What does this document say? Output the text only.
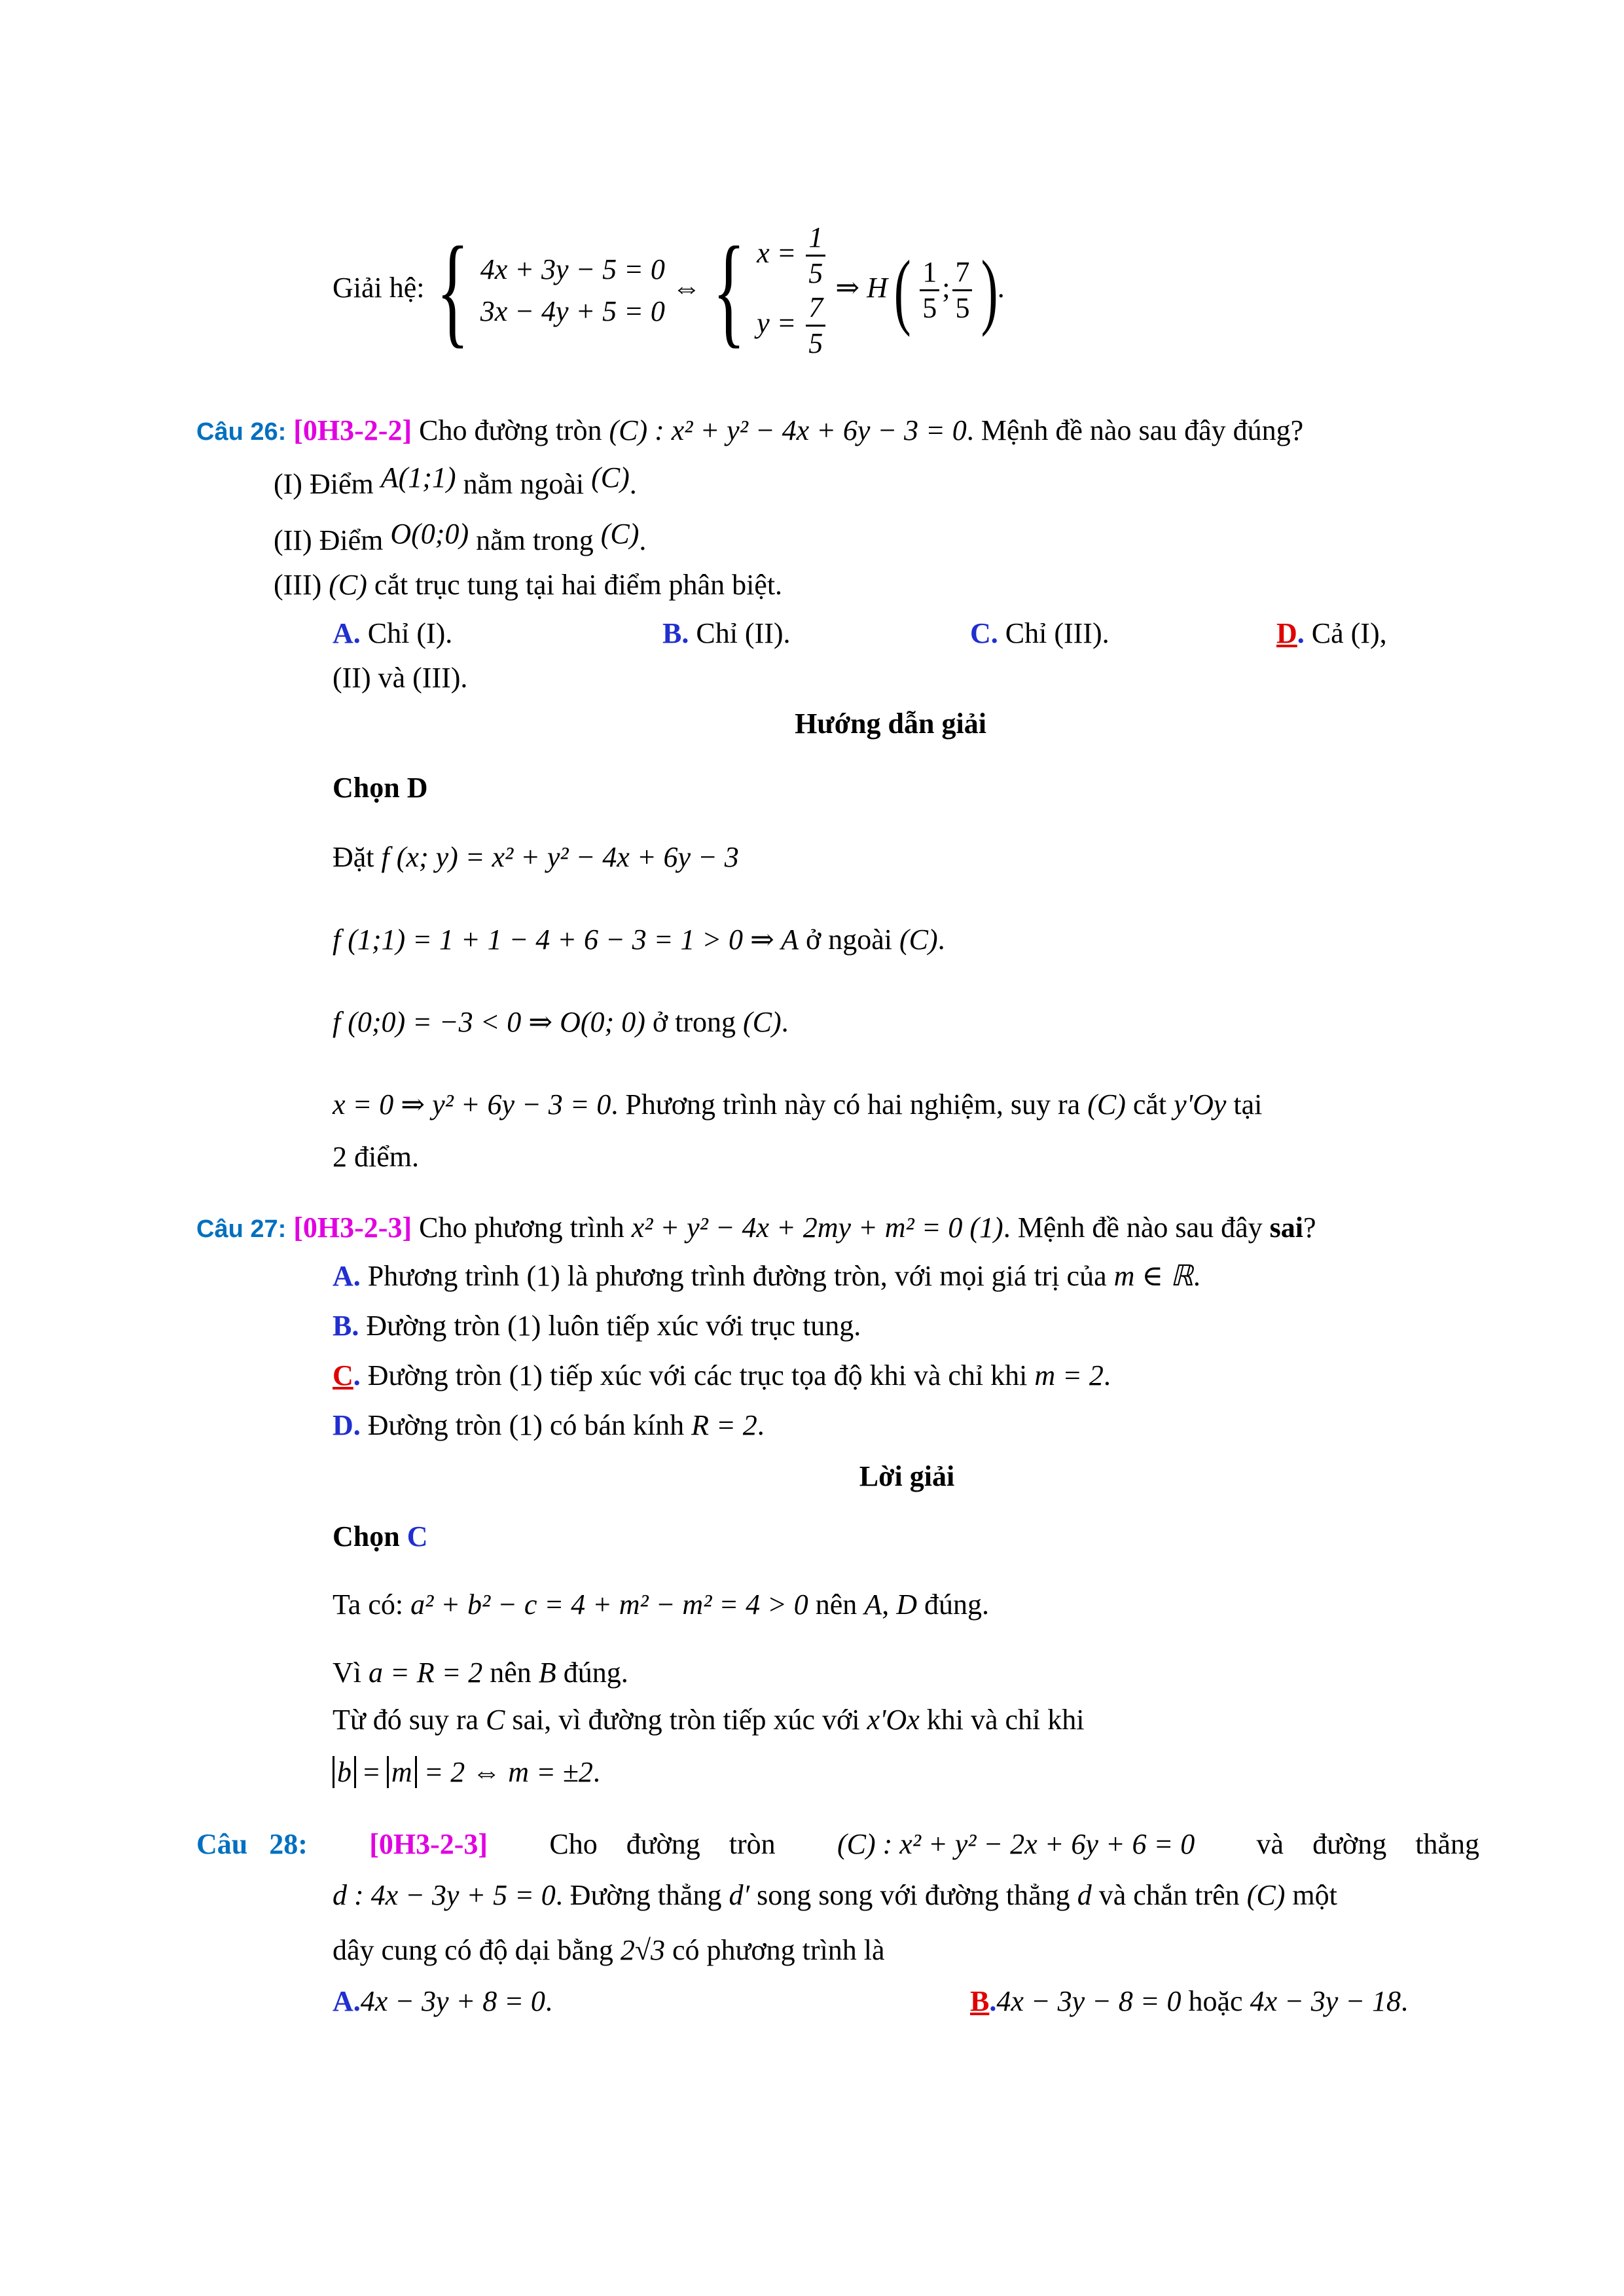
Giải hệ: { 4x + 3y − 5 = 0
3x − 4y + 5 = 0
⇔ { $x = \frac{1}{5}$
$y = \frac{7}{5}$
⇒ H ( $\frac{1}{5}$ ; $\frac{7}{5}$ ).
Câu 26: [0H3-2-2] Cho đường tròn (C) : x² + y² − 4x + 6y − 3 = 0. Mệnh đề nào sau đây đúng?
(I) Điểm A(1;1) nằm ngoài (C).
(II) Điểm O(0;0) nằm trong (C).
(III) (C) cắt trục tung tại hai điểm phân biệt.
A. Chỉ (I).	B. Chỉ (II).	C. Chỉ (III).	D. Cả (I),
(II) và (III).
Hướng dẫn giải
Chọn D
Đặt f (x; y) = x² + y² − 4x + 6y − 3
f (1;1) = 1 + 1 − 4 + 6 − 3 = 1 > 0 ⇒ A ở ngoài (C).
f (0;0) = −3 < 0 ⇒ O(0; 0) ở trong (C).
x = 0 ⇒ y² + 6y − 3 = 0. Phương trình này có hai nghiệm, suy ra (C) cắt y'Oy tại
2 điểm.
Câu 27: [0H3-2-3] Cho phương trình x² + y² − 4x + 2my + m² = 0 (1). Mệnh đề nào sau đây sai?
A. Phương trình (1) là phương trình đường tròn, với mọi giá trị của m ∈ ℝ.
B. Đường tròn (1) luôn tiếp xúc với trục tung.
C. Đường tròn (1) tiếp xúc với các trục tọa độ khi và chỉ khi m = 2.
D. Đường tròn (1) có bán kính R = 2.
Lời giải
Chọn C
Ta có: a² + b² − c = 4 + m² − m² = 4 > 0 nên A, D đúng.
Vì a = R = 2 nên B đúng.
Từ đó suy ra C sai, vì đường tròn tiếp xúc với x'Ox khi và chỉ khi
b = m = 2 ⇔ m = ±2.
Câu   28: [0H3-2-3] Cho    đường    tròn (C) : x² + y² − 2x + 6y + 6 = 0 và    đường    thẳng
d : 4x − 3y + 5 = 0. Đường thẳng d′ song song với đường thẳng d và chắn trên (C) một
dây cung có độ dại bằng 2√3 có phương trình là
A.4x − 3y + 8 = 0.	B.4x − 3y − 8 = 0 hoặc 4x − 3y − 18.
